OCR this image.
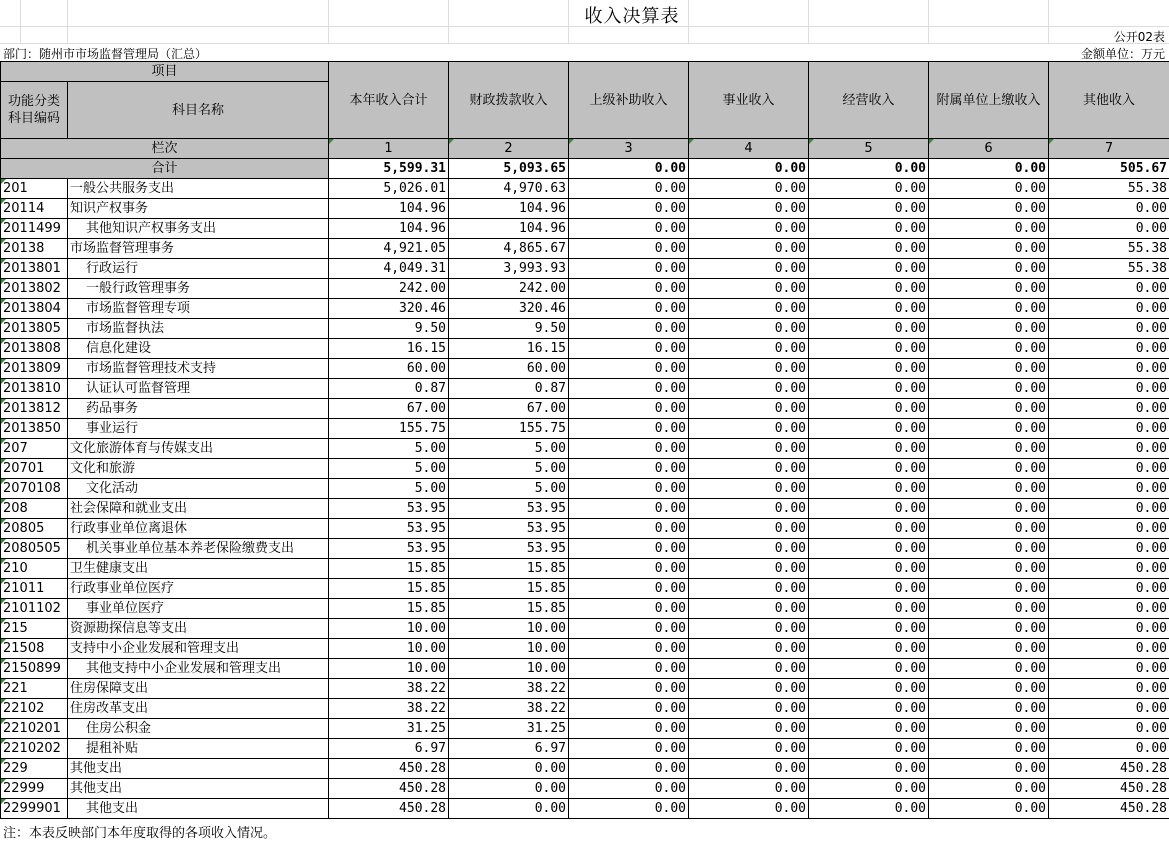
收入决算表
公开02表
部门：随州市市场监督管理局（汇总）	金额单位：万元
项目		本年收入合计	财政拨款收入	上级补助收入	事业收入	经营收入	附属单位上缴收入	其他收入
功能分类科目编码	科目名称							

栏次		1	2	3	4	5	6	7
合计		5,599.31	5,093.65	0.00	0.00	0.00	0.00	505.67

201	一般公共服务支出	5,026.01	4,970.63	0.00	0.00	0.00	0.00	55.38

20114	知识产权事务	104.96	104.96	0.00	0.00	0.00	0.00	0.00

2011499	其他知识产权事务支出	104.96	104.96	0.00	0.00	0.00	0.00	0.00

20138	市场监督管理事务	4,921.05	4,865.67	0.00	0.00	0.00	0.00	55.38

2013801	行政运行	4,049.31	3,993.93	0.00	0.00	0.00	0.00	55.38

2013802	一般行政管理事务	242.00	242.00	0.00	0.00	0.00	0.00	0.00

2013804	市场监督管理专项	320.46	320.46	0.00	0.00	0.00	0.00	0.00

2013805	市场监督执法	9.50	9.50	0.00	0.00	0.00	0.00	0.00

2013808	信息化建设	16.15	16.15	0.00	0.00	0.00	0.00	0.00

2013809	市场监督管理技术支持	60.00	60.00	0.00	0.00	0.00	0.00	0.00

2013810	认证认可监督管理	0.87	0.87	0.00	0.00	0.00	0.00	0.00

2013812	药品事务	67.00	67.00	0.00	0.00	0.00	0.00	0.00

2013850	事业运行	155.75	155.75	0.00	0.00	0.00	0.00	0.00

207	文化旅游体育与传媒支出	5.00	5.00	0.00	0.00	0.00	0.00	0.00

20701	文化和旅游	5.00	5.00	0.00	0.00	0.00	0.00	0.00

2070108	文化活动	5.00	5.00	0.00	0.00	0.00	0.00	0.00

208	社会保障和就业支出	53.95	53.95	0.00	0.00	0.00	0.00	0.00

20805	行政事业单位离退休	53.95	53.95	0.00	0.00	0.00	0.00	0.00

2080505	机关事业单位基本养老保险缴费支出	53.95	53.95	0.00	0.00	0.00	0.00	0.00

210	卫生健康支出	15.85	15.85	0.00	0.00	0.00	0.00	0.00

21011	行政事业单位医疗	15.85	15.85	0.00	0.00	0.00	0.00	0.00

2101102	事业单位医疗	15.85	15.85	0.00	0.00	0.00	0.00	0.00

215	资源勘探信息等支出	10.00	10.00	0.00	0.00	0.00	0.00	0.00

21508	支持中小企业发展和管理支出	10.00	10.00	0.00	0.00	0.00	0.00	0.00

2150899	其他支持中小企业发展和管理支出	10.00	10.00	0.00	0.00	0.00	0.00	0.00

221	住房保障支出	38.22	38.22	0.00	0.00	0.00	0.00	0.00

22102	住房改革支出	38.22	38.22	0.00	0.00	0.00	0.00	0.00

2210201	住房公积金	31.25	31.25	0.00	0.00	0.00	0.00	0.00

2210202	提租补贴	6.97	6.97	0.00	0.00	0.00	0.00	0.00

229	其他支出	450.28	0.00	0.00	0.00	0.00	0.00	450.28

22999	其他支出	450.28	0.00	0.00	0.00	0.00	0.00	450.28

2299901	其他支出	450.28	0.00	0.00	0.00	0.00	0.00	450.28
注：本表反映部门本年度取得的各项收入情况。
